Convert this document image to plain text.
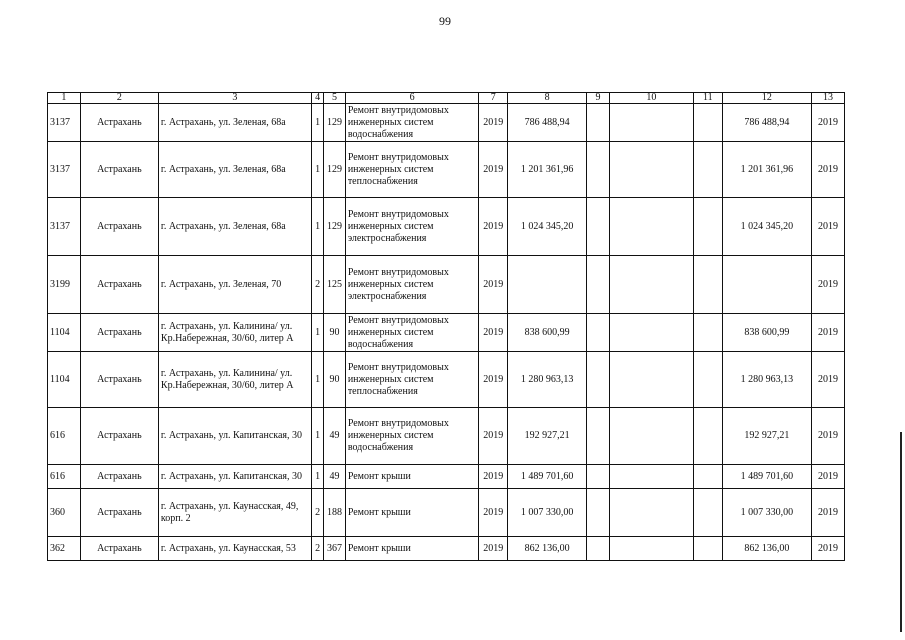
99
1	2	3	4	5	6	7	8	9	10	11	12	13
3137	Астрахань	г. Астрахань, ул. Зеленая, 68а	1	129	Ремонт внутридомовых инженерных систем водоснабжения	2019	786 488,94				786 488,94	2019
3137	Астрахань	г. Астрахань, ул. Зеленая, 68а	1	129	Ремонт внутридомовых инженерных систем теплоснабжения	2019	1 201 361,96				1 201 361,96	2019
3137	Астрахань	г. Астрахань, ул. Зеленая, 68а	1	129	Ремонт внутридомовых инженерных систем электроснабжения	2019	1 024 345,20				1 024 345,20	2019
3199	Астрахань	г. Астрахань, ул. Зеленая, 70	2	125	Ремонт внутридомовых инженерных систем электроснабжения	2019						2019
1104	Астрахань	г. Астрахань, ул. Калинина/ ул. Кр.Набережная, 30/60, литер А	1	90	Ремонт внутридомовых инженерных систем водоснабжения	2019	838 600,99				838 600,99	2019
1104	Астрахань	г. Астрахань, ул. Калинина/ ул. Кр.Набережная, 30/60, литер А	1	90	Ремонт внутридомовых инженерных систем теплоснабжения	2019	1 280 963,13				1 280 963,13	2019
616	Астрахань	г. Астрахань, ул. Капитанская, 30	1	49	Ремонт внутридомовых инженерных систем водоснабжения	2019	192 927,21				192 927,21	2019
616	Астрахань	г. Астрахань, ул. Капитанская, 30	1	49	Ремонт крыши	2019	1 489 701,60				1 489 701,60	2019
360	Астрахань	г. Астрахань, ул. Каунасская, 49, корп. 2	2	188	Ремонт крыши	2019	1 007 330,00				1 007 330,00	2019
362	Астрахань	г. Астрахань, ул. Каунасская, 53	2	367	Ремонт крыши	2019	862 136,00				862 136,00	2019
